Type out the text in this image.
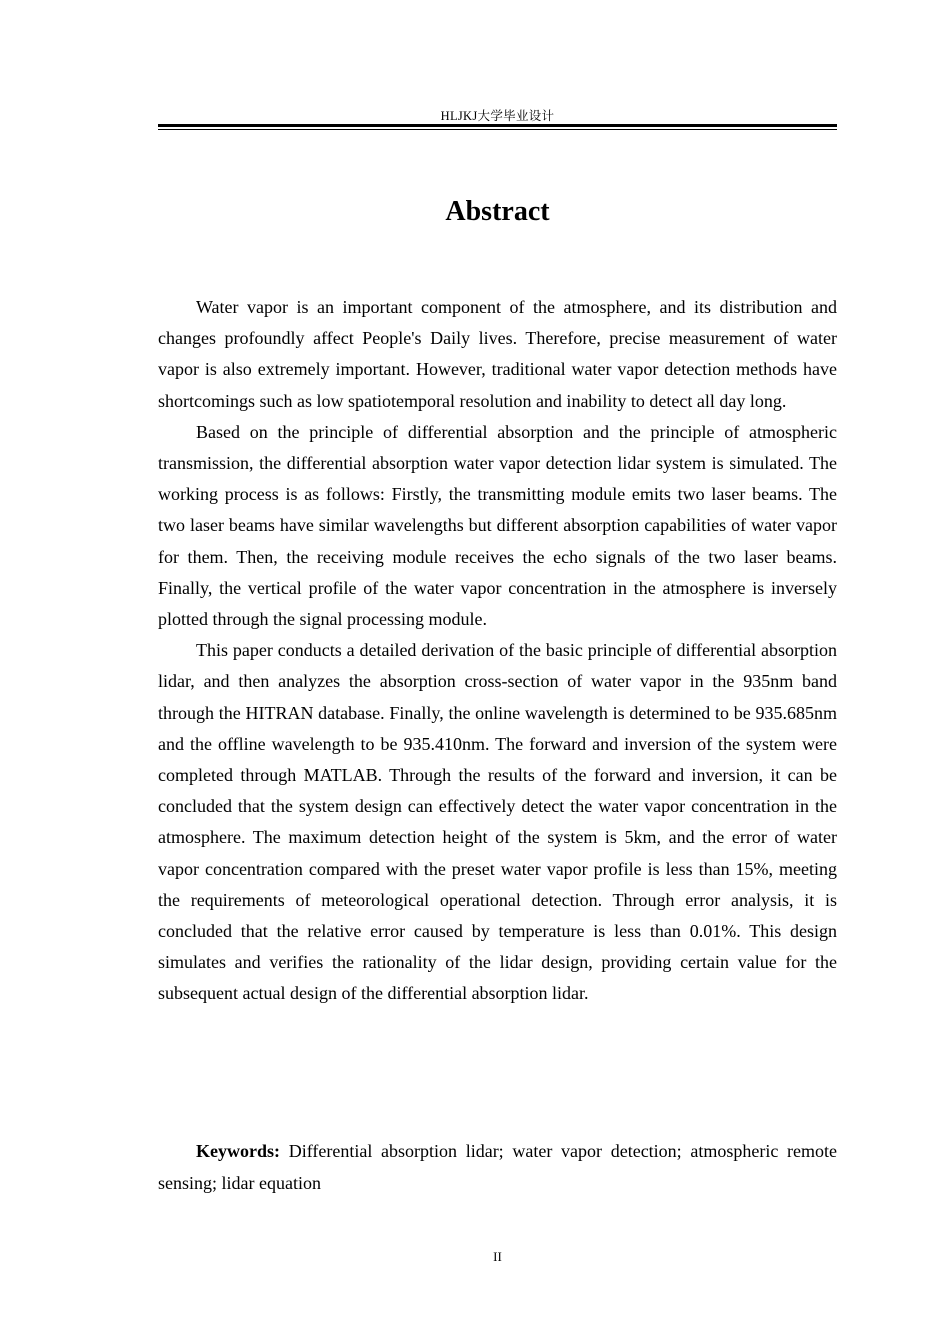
HLJKJ大学毕业设计
Abstract

Water vapor is an important component of the atmosphere, and its distribution and changes profoundly affect People's Daily lives. Therefore, precise measurement of water vapor is also extremely important. However, traditional water vapor detection methods have shortcomings such as low spatiotemporal resolution and inability to detect all day long.

Based on the principle of differential absorption and the principle of atmospheric transmission, the differential absorption water vapor detection lidar system is simulated. The working process is as follows: Firstly, the transmitting module emits two laser beams. The two laser beams have similar wavelengths but different absorption capabilities of water vapor for them. Then, the receiving module receives the echo signals of the two laser beams. Finally, the vertical profile of the water vapor concentration in the atmosphere is inversely plotted through the signal processing module.

This paper conducts a detailed derivation of the basic principle of differential absorption lidar, and then analyzes the absorption cross-section of water vapor in the 935nm band through the HITRAN database. Finally, the online wavelength is determined to be 935.685nm and the offline wavelength to be 935.410nm. The forward and inversion of the system were completed through MATLAB. Through the results of the forward and inversion, it can be concluded that the system design can effectively detect the water vapor concentration in the atmosphere. The maximum detection height of the system is 5km, and the error of water vapor concentration compared with the preset water vapor profile is less than 15%, meeting the requirements of meteorological operational detection. Through error analysis, it is concluded that the relative error caused by temperature is less than 0.01%. This design simulates and verifies the rationality of the lidar design, providing certain value for the subsequent actual design of the differential absorption lidar.

Keywords: Differential absorption lidar; water vapor detection; atmospheric remote sensing; lidar equation
II
